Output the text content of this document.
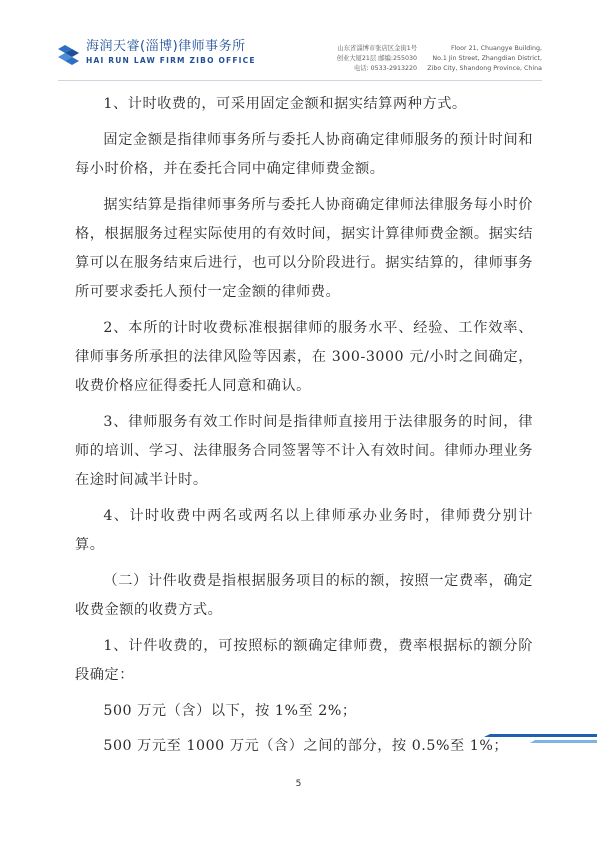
海润天睿(淄博)律师事务所
HAI RUN LAW FIRM ZIBO OFFICE
山东省淄博市张店区金街1号
创业大厦21层 邮编:255030
电话: 0533-2913220
Floor 21, Chuangye Building,
No.1 Jin Street, Zhangdian District,
Zibo City, Shandong Province, China

1、计时收费的，可采用固定金额和据实结算两种方式。

固定金额是指律师事务所与委托人协商确定律师服务的预计时间和每小时价格，并在委托合同中确定律师费金额。

据实结算是指律师事务所与委托人协商确定律师法律服务每小时价格，根据服务过程实际使用的有效时间，据实计算律师费金额。据实结算可以在服务结束后进行，也可以分阶段进行。据实结算的，律师事务所可要求委托人预付一定金额的律师费。

2、本所的计时收费标准根据律师的服务水平、经验、工作效率、律师事务所承担的法律风险等因素，在 300-3000 元/小时之间确定，收费价格应征得委托人同意和确认。

3、律师服务有效工作时间是指律师直接用于法律服务的时间，律师的培训、学习、法律服务合同签署等不计入有效时间。律师办理业务在途时间减半计时。

4、计时收费中两名或两名以上律师承办业务时，律师费分别计算。

（二）计件收费是指根据服务项目的标的额，按照一定费率，确定收费金额的收费方式。

1、计件收费的，可按照标的额确定律师费，费率根据标的额分阶段确定：

500 万元（含）以下，按 1%至 2%；

500 万元至 1000 万元（含）之间的部分，按 0.5%至 1%；

5
